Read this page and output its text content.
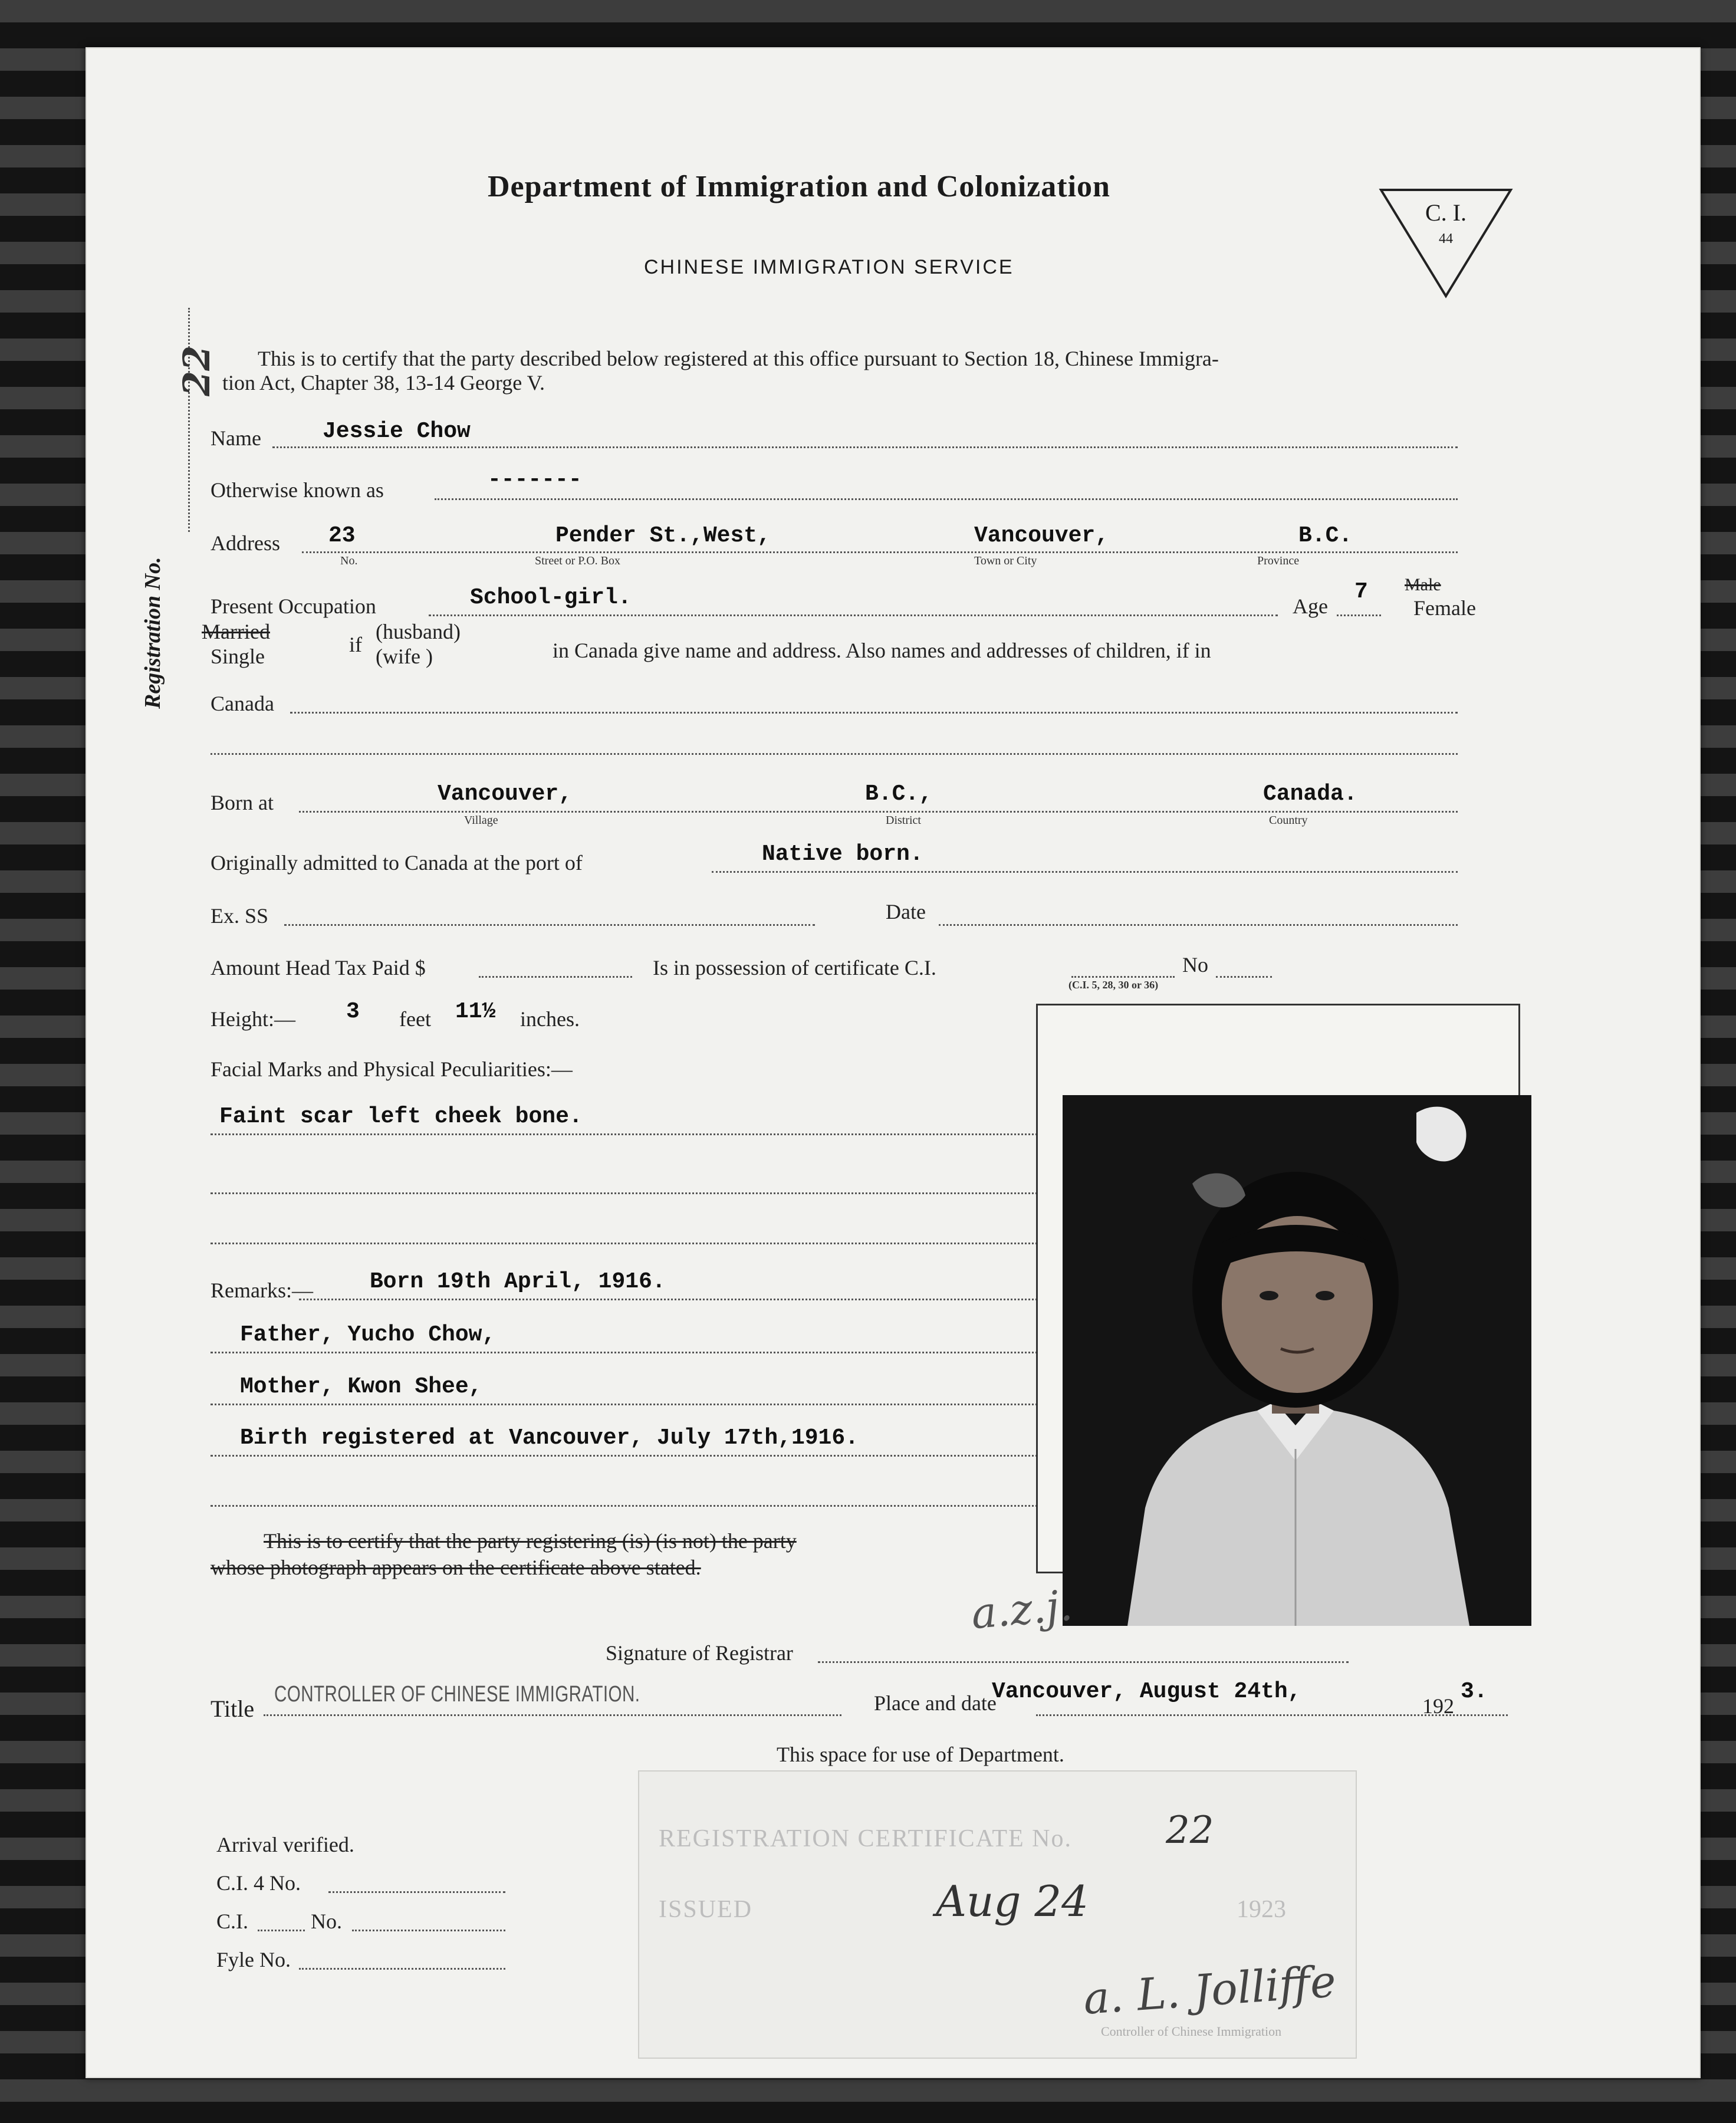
Department of Immigration and Colonization
CHINESE IMMIGRATION SERVICE
C. I.
44
Registration No.
22 This is to certify that the party described below registered at this office pursuant to Section 18, Chinese Immigra-
tion Act, Chapter 38, 13-14 George V.
Name	Jessie Chow
Otherwise known as	-------
Address 23
No.
Pender St.,West,
Street or P.O. Box
Vancouver,
Town or City
B.C.
Province
Present Occupation	School-girl.	Age
7 Male
Female
Married
Single	if
(husband)
(wife )	in Canada give name and address. Also names and addresses of children, if in
Canada
Born at	Vancouver,
Village
B.C.,
District
Canada.
Country
Originally admitted to Canada at the port of	Native born.
Ex. SS	Date
Amount Head Tax Paid $	Is in possession of certificate C.I.	No
(C.I. 5, 28, 30 or 36)
Height:— 3 feet 11½ inches.
Facial Marks and Physical Peculiarities:—
Faint scar left cheek bone.
Remarks:—	Born 19th April, 1916.
Father, Yucho Chow,
Mother, Kwon Shee,
Birth registered at Vancouver, July 17th,1916.
This is to certify that the party registering (is) (is not) the party
whose photograph appears on the certificate above stated.
a.z.j.
Signature of Registrar
Title
CONTROLLER OF CHINESE IMMIGRATION.	Place and date
Vancouver, August 24th,
192
3.
This space for use of Department.
Arrival verified.
C.I. 4 No.
C.I.	No.
Fyle No.
REGISTRATION CERTIFICATE No. 22
ISSUED	Aug 24	1923
a. L. Jolliffe
Controller of Chinese Immigration
